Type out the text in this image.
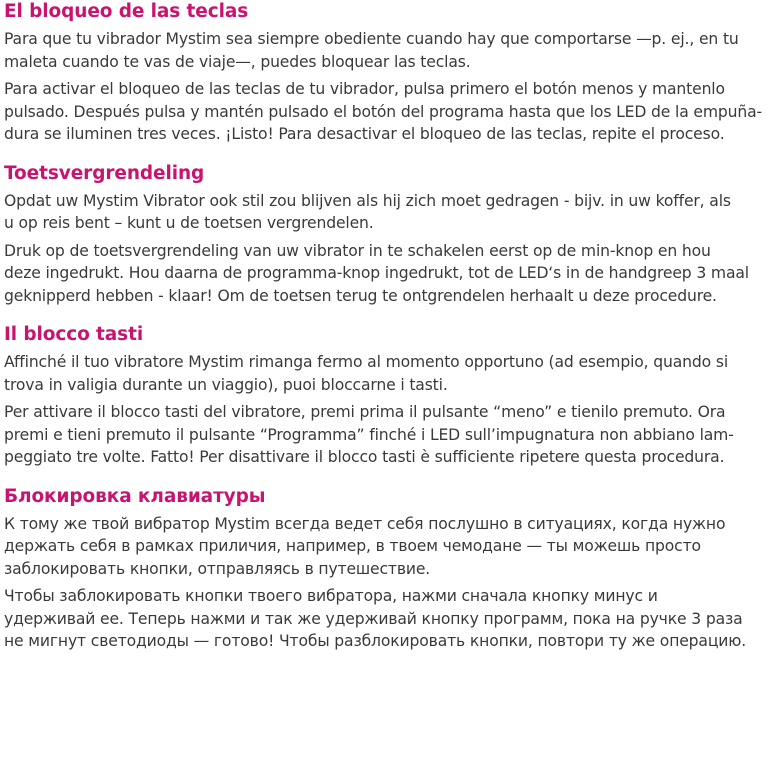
El bloqueo de las teclas

Para que tu vibrador Mystim sea siempre obediente cuando hay que comportarse —p. ej., en tu
maleta cuando te vas de viaje—, puedes bloquear las teclas.

Para activar el bloqueo de las teclas de tu vibrador, pulsa primero el botón menos y mantenlo
pulsado. Después pulsa y mantén pulsado el botón del programa hasta que los LED de la empuña-
dura se iluminen tres veces. ¡Listo! Para desactivar el bloqueo de las teclas, repite el proceso.

Toetsvergrendeling

Opdat uw Mystim Vibrator ook stil zou blijven als hij zich moet gedragen - bijv. in uw koffer, als
u op reis bent – kunt u de toetsen vergrendelen.

Druk op de toetsvergrendeling van uw vibrator in te schakelen eerst op de min-knop en hou
deze ingedrukt. Hou daarna de programma-knop ingedrukt, tot de LED‘s in de handgreep 3 maal
geknipperd hebben - klaar! Om de toetsen terug te ontgrendelen herhaalt u deze procedure.

Il blocco tasti

Affinché il tuo vibratore Mystim rimanga fermo al momento opportuno (ad esempio, quando si
trova in valigia durante un viaggio), puoi bloccarne i tasti.

Per attivare il blocco tasti del vibratore, premi prima il pulsante “meno” e tienilo premuto. Ora
premi e tieni premuto il pulsante “Programma” finché i LED sull’impugnatura non abbiano lam-
peggiato tre volte. Fatto! Per disattivare il blocco tasti è sufficiente ripetere questa procedura.

Блокировка клавиатуры

К тому же твой вибратор Mystim всегда ведет себя послушно в ситуациях, когда нужно
держать себя в рамках приличия, например, в твоем чемодане — ты можешь просто
заблокировать кнопки, отправляясь в путешествие.

Чтобы заблокировать кнопки твоего вибратора, нажми сначала кнопку минус и
удерживай ее. Теперь нажми и так же удерживай кнопку программ, пока на ручке 3 раза
не мигнут светодиоды — готово! Чтобы разблокировать кнопки, повтори ту же операцию.
